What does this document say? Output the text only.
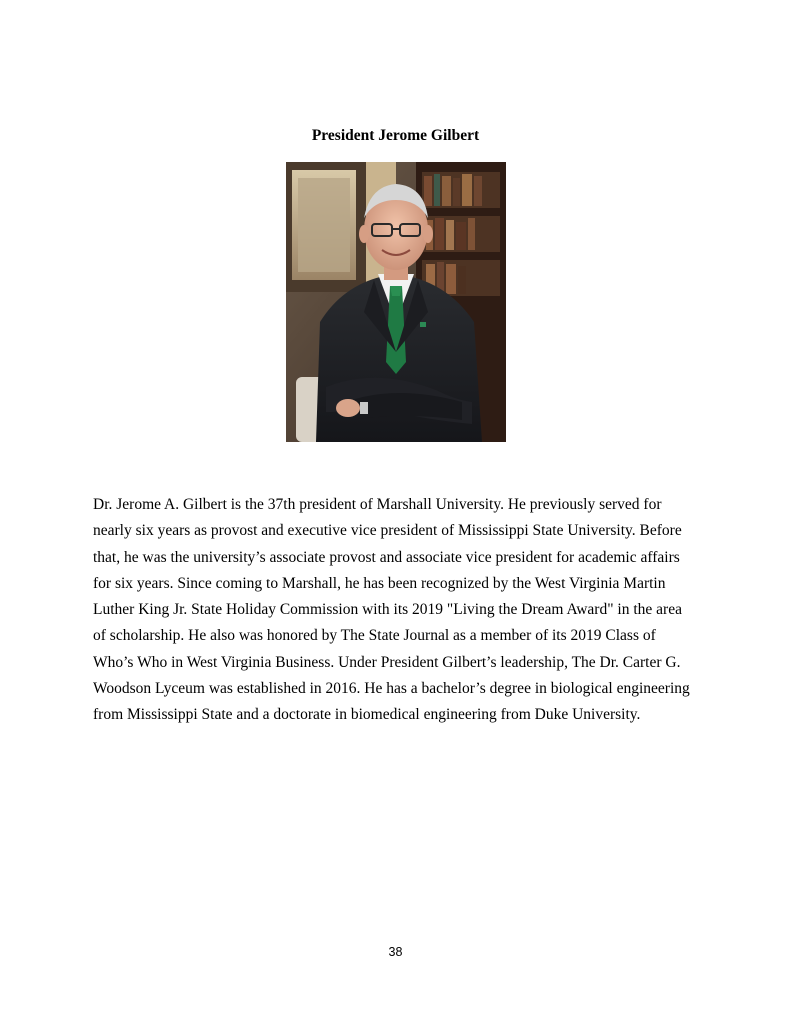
President Jerome Gilbert

Dr. Jerome A. Gilbert is the 37th president of Marshall University. He previously served for
nearly six years as provost and executive vice president of Mississippi State University. Before
that, he was the university’s associate provost and associate vice president for academic affairs
for six years. Since coming to Marshall, he has been recognized by the West Virginia Martin
Luther King Jr. State Holiday Commission with its 2019 "Living the Dream Award" in the area
of scholarship. He also was honored by The State Journal as a member of its 2019 Class of
Who’s Who in West Virginia Business. Under President Gilbert’s leadership, The Dr. Carter G.
Woodson Lyceum was established in 2016. He has a bachelor’s degree in biological engineering
from Mississippi State and a doctorate in biomedical engineering from Duke University.

38
